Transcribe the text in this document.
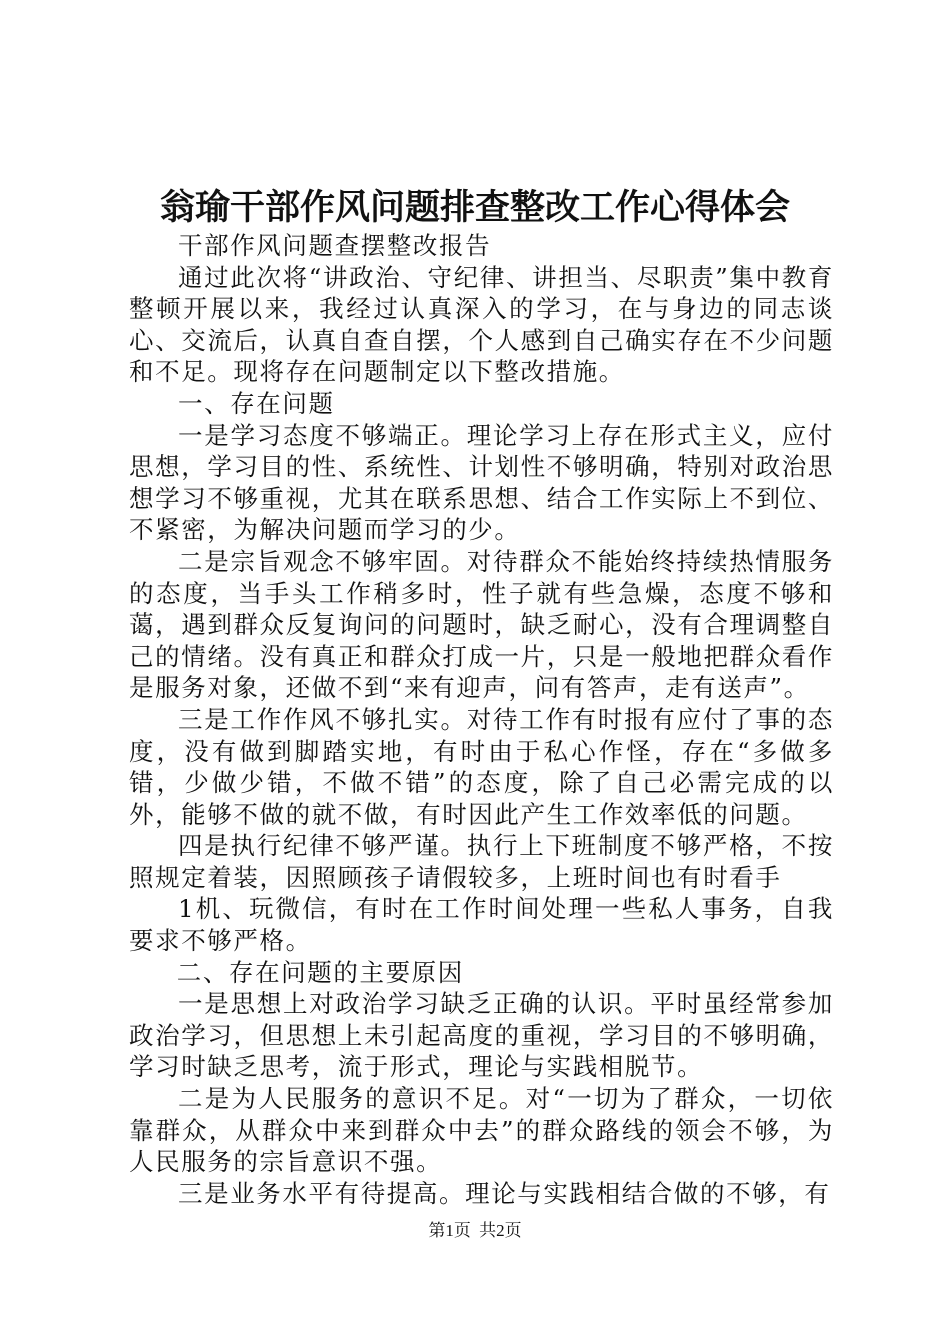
翁瑜干部作风问题排查整改工作心得体会

干部作风问题查摆整改报告

通过此次将“讲政治、守纪律、讲担当、尽职责”集中教育整顿开展以来，我经过认真深入的学习，在与身边的同志谈心、交流后，认真自查自摆，个人感到自己确实存在不少问题和不足。现将存在问题制定以下整改措施。

一、存在问题

一是学习态度不够端正。理论学习上存在形式主义，应付思想，学习目的性、系统性、计划性不够明确，特别对政治思想学习不够重视，尤其在联系思想、结合工作实际上不到位、不紧密，为解决问题而学习的少。

二是宗旨观念不够牢固。对待群众不能始终持续热情服务的态度，当手头工作稍多时，性子就有些急燥，态度不够和蔼，遇到群众反复询问的问题时，缺乏耐心，没有合理调整自己的情绪。没有真正和群众打成一片，只是一般地把群众看作是服务对象，还做不到“来有迎声，问有答声，走有送声”。

三是工作作风不够扎实。对待工作有时报有应付了事的态度，没有做到脚踏实地，有时由于私心作怪，存在“多做多错，少做少错，不做不错”的态度，除了自己必需完成的以外，能够不做的就不做，有时因此产生工作效率低的问题。

四是执行纪律不够严谨。执行上下班制度不够严格，不按照规定着装，因照顾孩子请假较多，上班时间也有时看手

1机、玩微信，有时在工作时间处理一些私人事务，自我要求不够严格。

二、存在问题的主要原因

一是思想上对政治学习缺乏正确的认识。平时虽经常参加政治学习，但思想上未引起高度的重视，学习目的不够明确，学习时缺乏思考，流于形式，理论与实践相脱节。

二是为人民服务的意识不足。对“一切为了群众，一切依靠群众，从群众中来到群众中去”的群众路线的领会不够，为人民服务的宗旨意识不强。

三是业务水平有待提高。理论与实践相结合做的不够，有

第1页 共2页
